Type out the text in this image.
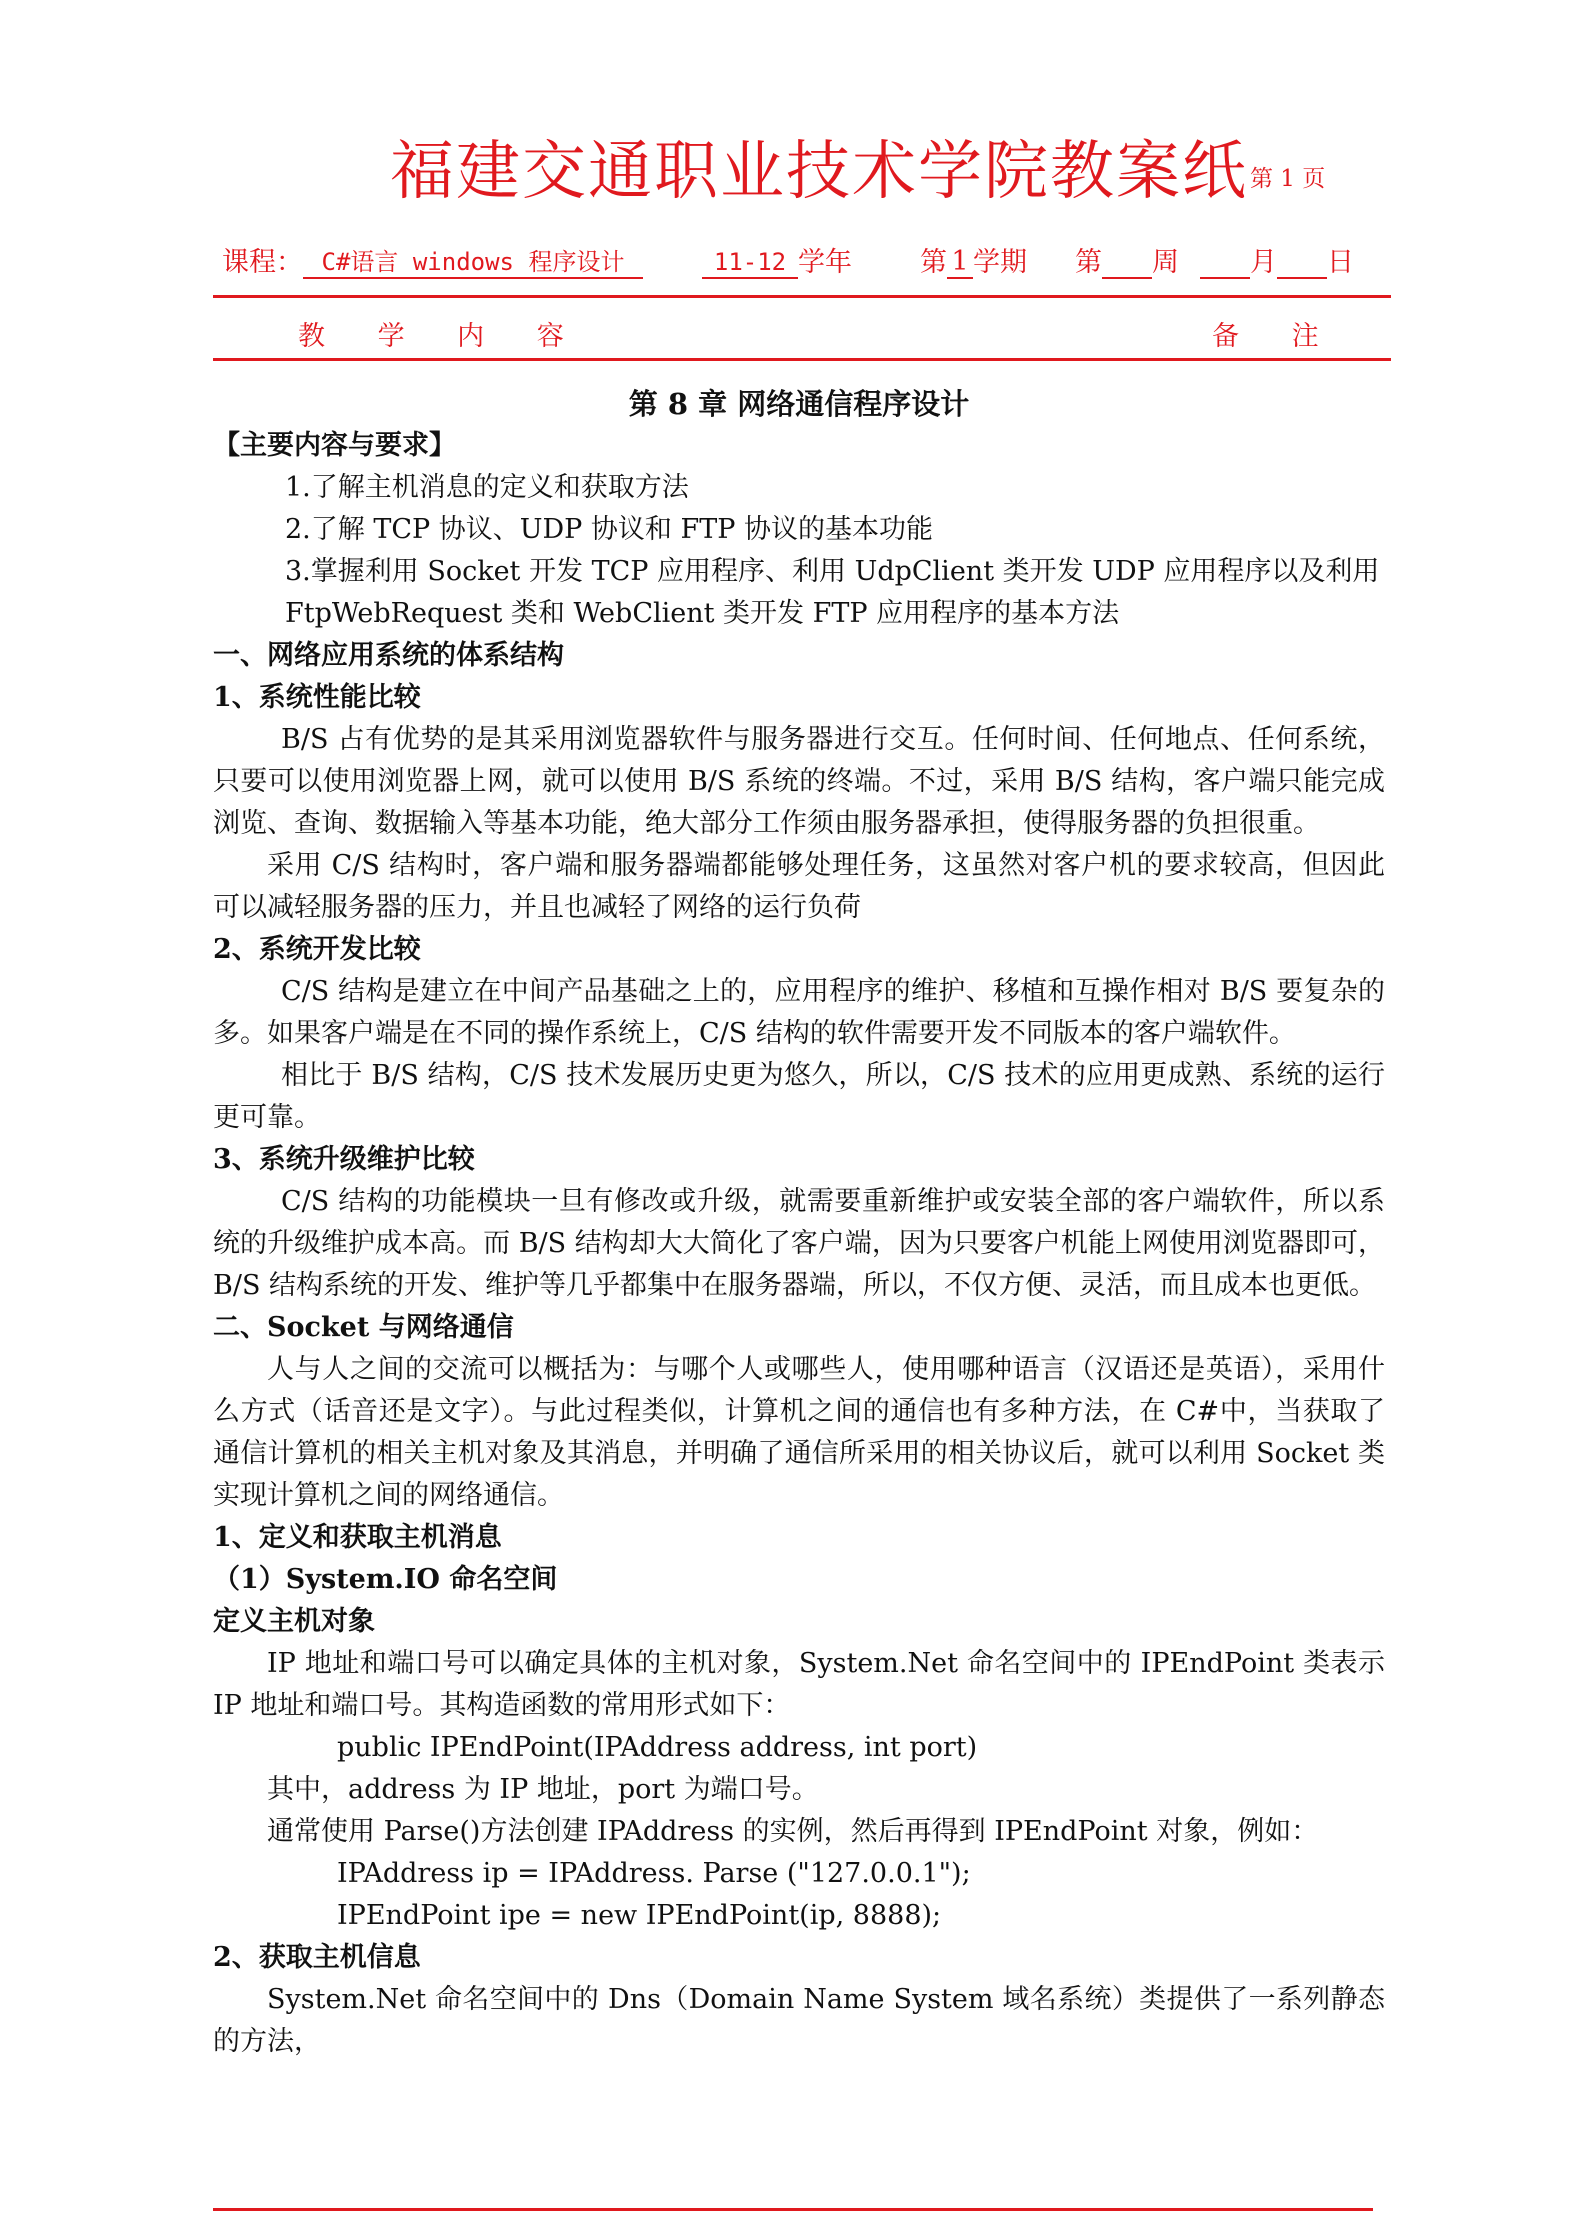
福建交通职业技术学院教案纸 第 1 页
课程： C#语言 windows 程序设计	11-12 学年	第 1 学期 第 周	月 日
教 学 内 容	备 注

第 8 章 网络通信程序设计

【主要内容与要求】

1.了解主机消息的定义和获取方法

2.了解 TCP 协议、UDP 协议和 FTP 协议的基本功能

3.掌握利用 Socket 开发 TCP 应用程序、利用 UdpClient 类开发 UDP 应用程序以及利用

FtpWebRequest 类和 WebClient 类开发 FTP 应用程序的基本方法

一、网络应用系统的体系结构

1、系统性能比较

B/S 占有优势的是其采用浏览器软件与服务器进行交互。任何时间、任何地点、任何系统，只要可以使用浏览器上网，就可以使用 B/S 系统的终端。不过，采用 B/S 结构，客户端只能完成浏览、查询、数据输入等基本功能，绝大部分工作须由服务器承担，使得服务器的负担很重。

采用 C/S 结构时，客户端和服务器端都能够处理任务，这虽然对客户机的要求较高，但因此可以减轻服务器的压力，并且也减轻了网络的运行负荷

2、系统开发比较

C/S 结构是建立在中间产品基础之上的，应用程序的维护、移植和互操作相对 B/S 要复杂的多。如果客户端是在不同的操作系统上，C/S 结构的软件需要开发不同版本的客户端软件。

相比于 B/S 结构，C/S 技术发展历史更为悠久，所以，C/S 技术的应用更成熟、系统的运行更可靠。

3、系统升级维护比较

C/S 结构的功能模块一旦有修改或升级，就需要重新维护或安装全部的客户端软件，所以系统的升级维护成本高。而 B/S 结构却大大简化了客户端，因为只要客户机能上网使用浏览器即可，B/S 结构系统的开发、维护等几乎都集中在服务器端，所以，不仅方便、灵活，而且成本也更低。

二、Socket 与网络通信

人与人之间的交流可以概括为：与哪个人或哪些人，使用哪种语言（汉语还是英语），采用什么方式（话音还是文字）。与此过程类似，计算机之间的通信也有多种方法，在 C#中，当获取了通信计算机的相关主机对象及其消息，并明确了通信所采用的相关协议后，就可以利用 Socket 类实现计算机之间的网络通信。

1、定义和获取主机消息

（1）System.IO 命名空间

定义主机对象

IP 地址和端口号可以确定具体的主机对象，System.Net 命名空间中的 IPEndPoint 类表示 IP 地址和端口号。其构造函数的常用形式如下：

public IPEndPoint(IPAddress address, int port)

其中，address 为 IP 地址，port 为端口号。

通常使用 Parse()方法创建 IPAddress 的实例，然后再得到 IPEndPoint 对象，例如：

IPAddress ip = IPAddress. Parse ("127.0.0.1");

IPEndPoint ipe = new IPEndPoint(ip, 8888);

2、获取主机信息

System.Net 命名空间中的 Dns（Domain Name System 域名系统）类提供了一系列静态的方法，
